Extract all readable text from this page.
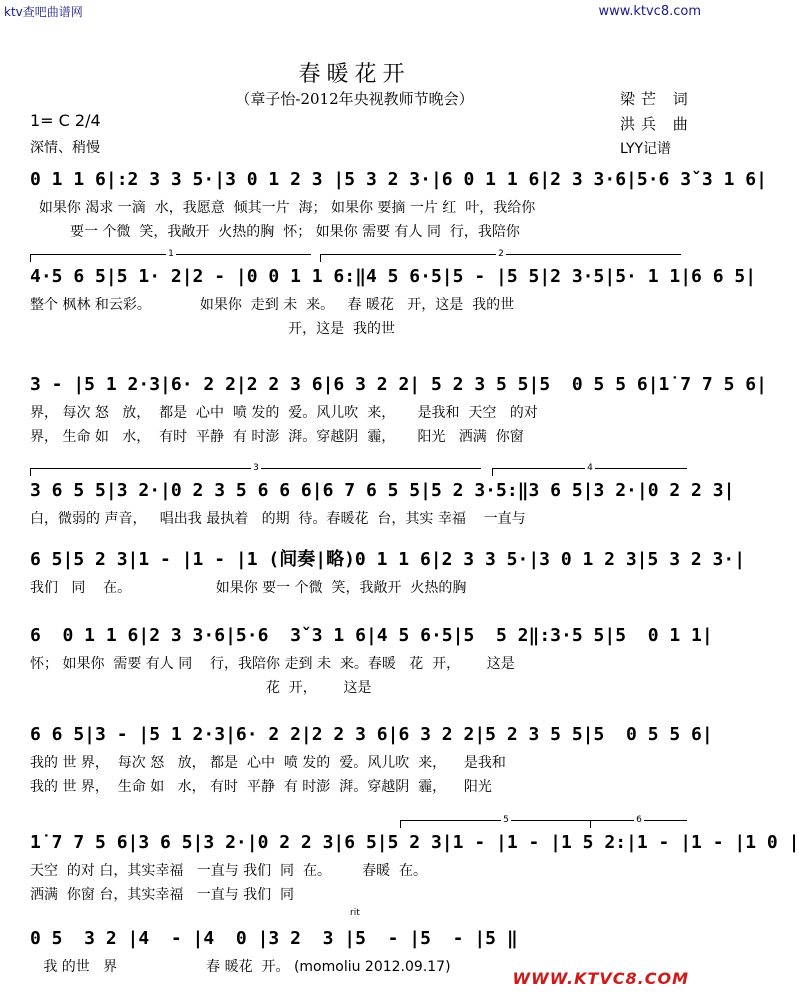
ktv查吧曲谱网	www.ktvc8.com
春暖花开
（章子怡-2012年央视教师节晚会）
1= C 2/4
深情、稍慢
梁芒 词
洪兵 曲
LYY记谱
0 1 1 6|:2 3 3 5·|3 0 1 2 3 |5 3 2 3·|6 0 1 1 6|2 3 3·6|5·6 3ˇ3 1 6|
如果你 渴求 一滴  水，我愿意  倾其一片  海； 如果你 要摘 一片 红  叶，我给你
要一 个微  笑，我敞开  火热的胸  怀； 如果你 需要 有人 同  行，我陪你
1	2
4·5 6 5|5 1· 2|2 - |0 0 1 1 6:‖4 5 6·5|5 - |5 5|2 3·5|5· 1 1|6 6 5|
整个 枫林 和云彩。           如果你  走到 未  来。   春 暖花   开，这是  我的世
开，这是  我的世
3 - |5 1 2·3|6· 2 2|2 2 3 6|6 3 2 2| 5 2 3 5 5|5  0 5 5 6|1̇ 7 7 5 6|
界， 每次 怒   放，  都是  心中  喷 发的  爱。风儿吹  来，     是我和  天空   的对
界， 生命 如   水，  有时  平静  有 时澎  湃。穿越阴  霾，     阳光   洒满  你窗
3	4
3 6 5 5|3 2·|0 2 3 5 6 6 6|6 7 6 5 5|5 2 3·5:‖3 6 5|3 2·|0 2 2 3|
白，微弱的 声音，   唱出我 最执着   的期  待。春暖花  台，其实 幸福    一直与
6 5|5 2 3|1 - |1 - |1 (间奏|略)0 1 1 6|2 3 3 5·|3 0 1 2 3|5 3 2 3·|
我们   同    在。                   如果你 要一 个微  笑，我敞开  火热的胸
6  0 1 1 6|2 3 3·6|5·6  3ˇ3 1 6|4 5 6·5|5  5 2‖:3·5 5|5  0 1 1|
怀； 如果你  需要 有人 同    行，我陪你 走到 未  来。春暖   花  开，      这是
花  开，      这是
6 6 5|3 - |5 1 2·3|6· 2 2|2 2 3 6|6 3 2 2|5 2 3 5 5|5  0 5 5 6|
我的 世 界，  每次 怒   放， 都是  心中  喷 发的  爱。风儿吹  来，    是我和
我的 世 界，  生命 如   水， 有时  平静  有 时澎  湃。穿越阴  霾，    阳光
5	6
1̇ 7 7 5 6|3 6 5|3 2·|0 2 2 3|6 5|5 2 3|1 - |1 - |1 5 2:|1 - |1 - |1 0 |
天空  的对 白，其实幸福   一直与 我们  同  在。       春暖  在。
洒满  你窗 台，其实幸福   一直与 我们  同
0 5  3 2 |4  - |4  0 |3 2  3 |5  - |5  - |5 ‖
我 的世   界                    春 暖花  开。 (momoliu 2012.09.17)
rit
WWW.KTVC8.COM
